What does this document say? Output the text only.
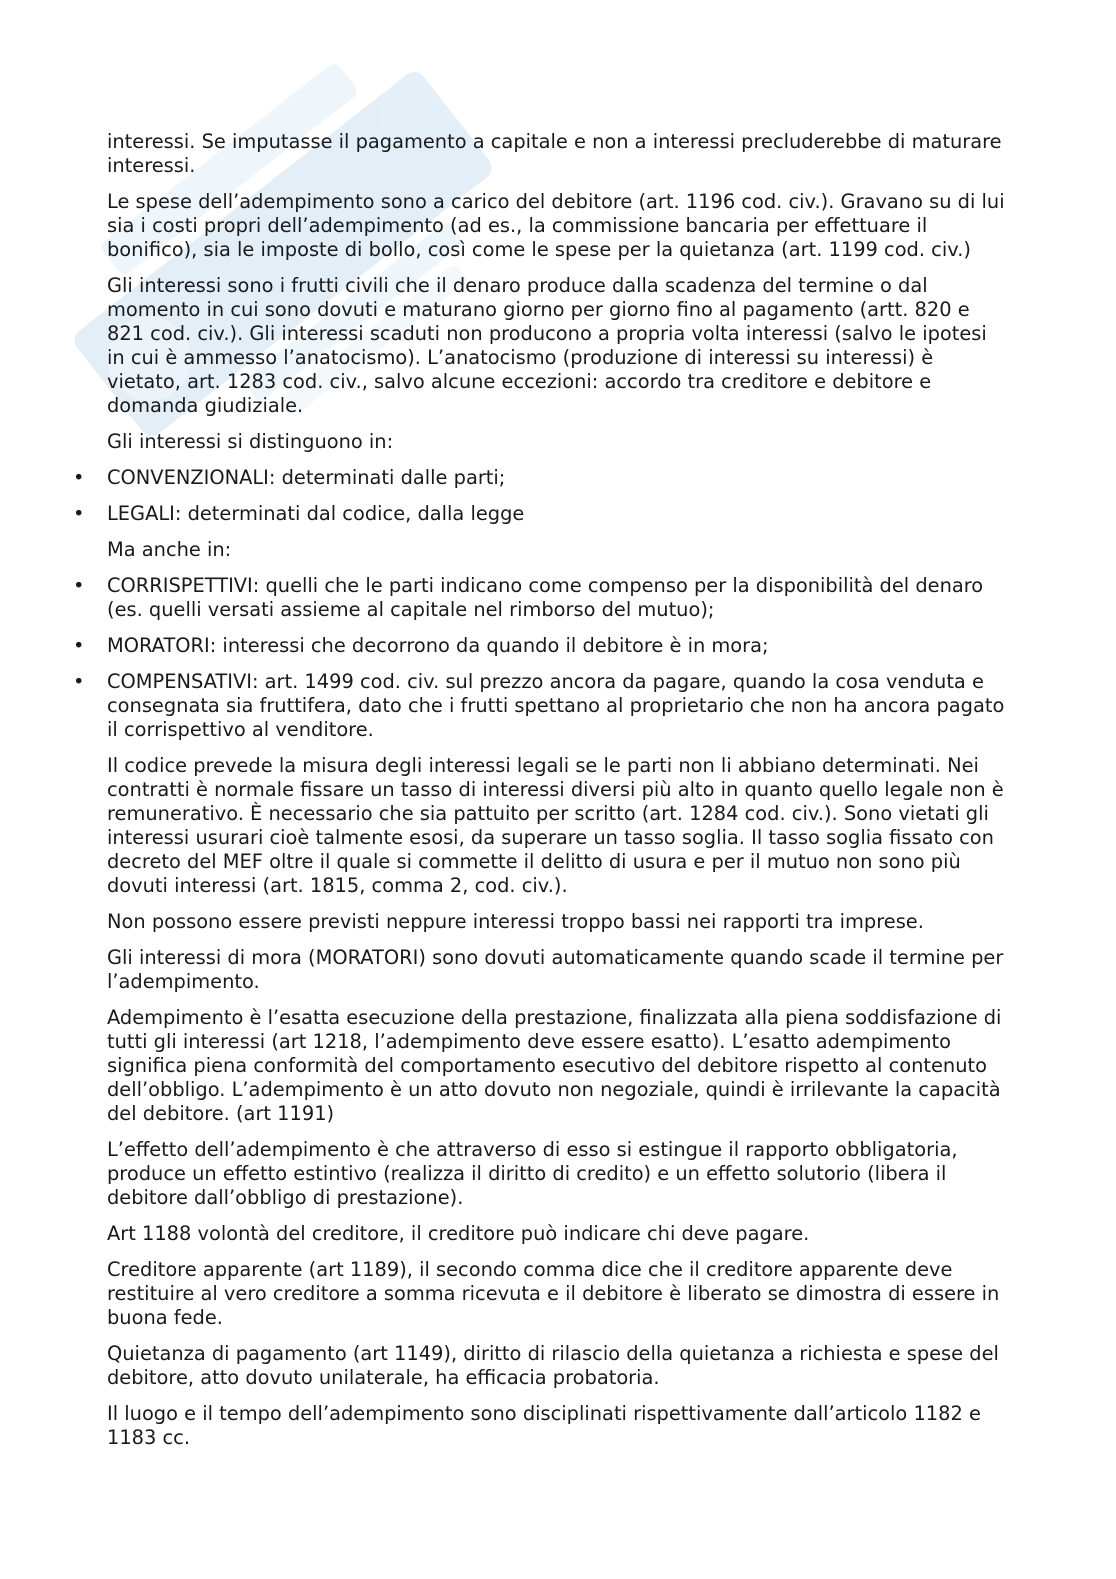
interessi. Se imputasse il pagamento a capitale e non a interessi precluderebbe di maturare interessi.

Le spese dell’adempimento sono a carico del debitore (art. 1196 cod. civ.). Gravano su di lui sia i costi propri dell’adempimento (ad es., la commissione bancaria per effettuare il bonifico), sia le imposte di bollo, così come le spese per la quietanza (art. 1199 cod. civ.)

Gli interessi sono i frutti civili che il denaro produce dalla scadenza del termine o dal momento in cui sono dovuti e maturano giorno per giorno fino al pagamento (artt. 820 e 821 cod. civ.). Gli interessi scaduti non producono a propria volta interessi (salvo le ipotesi in cui è ammesso l’anatocismo). L’anatocismo (produzione di interessi su interessi) è vietato, art. 1283 cod. civ., salvo alcune eccezioni: accordo tra creditore e debitore e domanda giudiziale.

Gli interessi si distinguono in:

• CONVENZIONALI: determinati dalle parti;
• LEGALI: determinati dal codice, dalla legge

Ma anche in:

• CORRISPETTIVI: quelli che le parti indicano come compenso per la disponibilità del denaro (es. quelli versati assieme al capitale nel rimborso del mutuo);
• MORATORI: interessi che decorrono da quando il debitore è in mora;
• COMPENSATIVI: art. 1499 cod. civ. sul prezzo ancora da pagare, quando la cosa venduta e consegnata sia fruttifera, dato che i frutti spettano al proprietario che non ha ancora pagato il corrispettivo al venditore.

Il codice prevede la misura degli interessi legali se le parti non li abbiano determinati. Nei contratti è normale fissare un tasso di interessi diversi più alto in quanto quello legale non è remunerativo. È necessario che sia pattuito per scritto (art. 1284 cod. civ.). Sono vietati gli interessi usurari cioè talmente esosi, da superare un tasso soglia. Il tasso soglia fissato con decreto del MEF oltre il quale si commette il delitto di usura e per il mutuo non sono più dovuti interessi (art. 1815, comma 2, cod. civ.).

Non possono essere previsti neppure interessi troppo bassi nei rapporti tra imprese.

Gli interessi di mora (MORATORI) sono dovuti automaticamente quando scade il termine per l’adempimento.

Adempimento è l’esatta esecuzione della prestazione, finalizzata alla piena soddisfazione di tutti gli interessi (art 1218, l’adempimento deve essere esatto). L’esatto adempimento significa piena conformità del comportamento esecutivo del debitore rispetto al contenuto dell’obbligo. L’adempimento è un atto dovuto non negoziale, quindi è irrilevante la capacità del debitore. (art 1191)

L’effetto dell’adempimento è che attraverso di esso si estingue il rapporto obbligatoria, produce un effetto estintivo (realizza il diritto di credito) e un effetto solutorio (libera il debitore dall’obbligo di prestazione).

Art 1188 volontà del creditore, il creditore può indicare chi deve pagare.

Creditore apparente (art 1189), il secondo comma dice che il creditore apparente deve restituire al vero creditore a somma ricevuta e il debitore è liberato se dimostra di essere in buona fede.

Quietanza di pagamento (art 1149), diritto di rilascio della quietanza a richiesta e spese del debitore, atto dovuto unilaterale, ha efficacia probatoria.

Il luogo e il tempo dell’adempimento sono disciplinati rispettivamente dall’articolo 1182 e 1183 cc.
